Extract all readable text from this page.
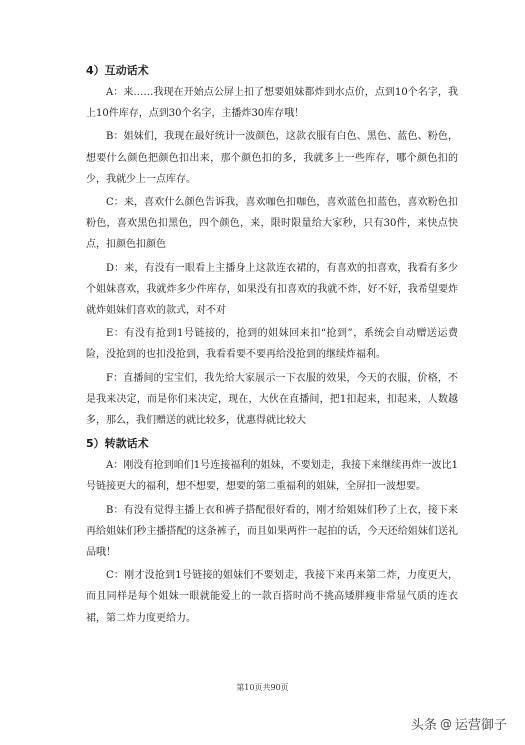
4）互动话术

A：来……我现在开始点公屏上扣了想要姐妹都炸到水点价，点到10个名字，我上10件库存，点到30个名字，主播炸30库存哦！

B：姐妹们，我现在最好统计一波颜色，这款衣服有白色、黑色、蓝色、粉色，想要什么颜色把颜色扣出来，那个颜色扣的多，我就多上一些库存，哪个颜色扣的少，我就少上一点库存。

C：来，喜欢什么颜色告诉我，喜欢咖色扣咖色，喜欢蓝色扣蓝色，喜欢粉色扣粉色，喜欢黑色扣黑色，四个颜色，来，限时限量给大家秒，只有30件，来快点快点，扣颜色扣颜色

D：来，有没有一眼看上主播身上这款连衣裙的，有喜欢的扣喜欢，我看有多少个姐妹喜欢，我就炸多少件库存，如果没有扣喜欢的我就不炸，好不好，我希望要炸就炸姐妹们喜欢的款式，对不对

E：有没有抢到1号链接的，抢到的姐妹回来扣“抢到”，系统会自动赠送运费险，没抢到的也扣没抢到，我看看要不要再给没抢到的继续炸福利。

F：直播间的宝宝们，我先给大家展示一下衣服的效果，今天的衣服，价格，不是我来决定，而是你们来决定，现在，大伙在直播间，把1扣起来，扣起来，人数越多，那么，我们赠送的就比较多，优惠得就比较大

5）转款话术

A：刚没有抢到咱们1号连接福利的姐妹，不要划走，我接下来继续再炸一波比1号链接更大的福利，想不想要，想要的第二重福利的姐妹，全屏扣一波想要。

B：有没有觉得主播上衣和裤子搭配很好看的，刚才给姐妹们秒了上衣，接下来再给姐妹们秒主播搭配的这条裤子，而且如果两件一起拍的话，今天还给姐妹们送礼品哦！

C：刚才没抢到1号链接的姐妹们不要划走，我接下来再来第二炸，力度更大，而且同样是每个姐妹一眼就能爱上的一款百搭时尚不挑高矮胖瘦非常显气质的连衣裙，第二炸力度更给力。

第10页共90页
头条 @ 运营御子
